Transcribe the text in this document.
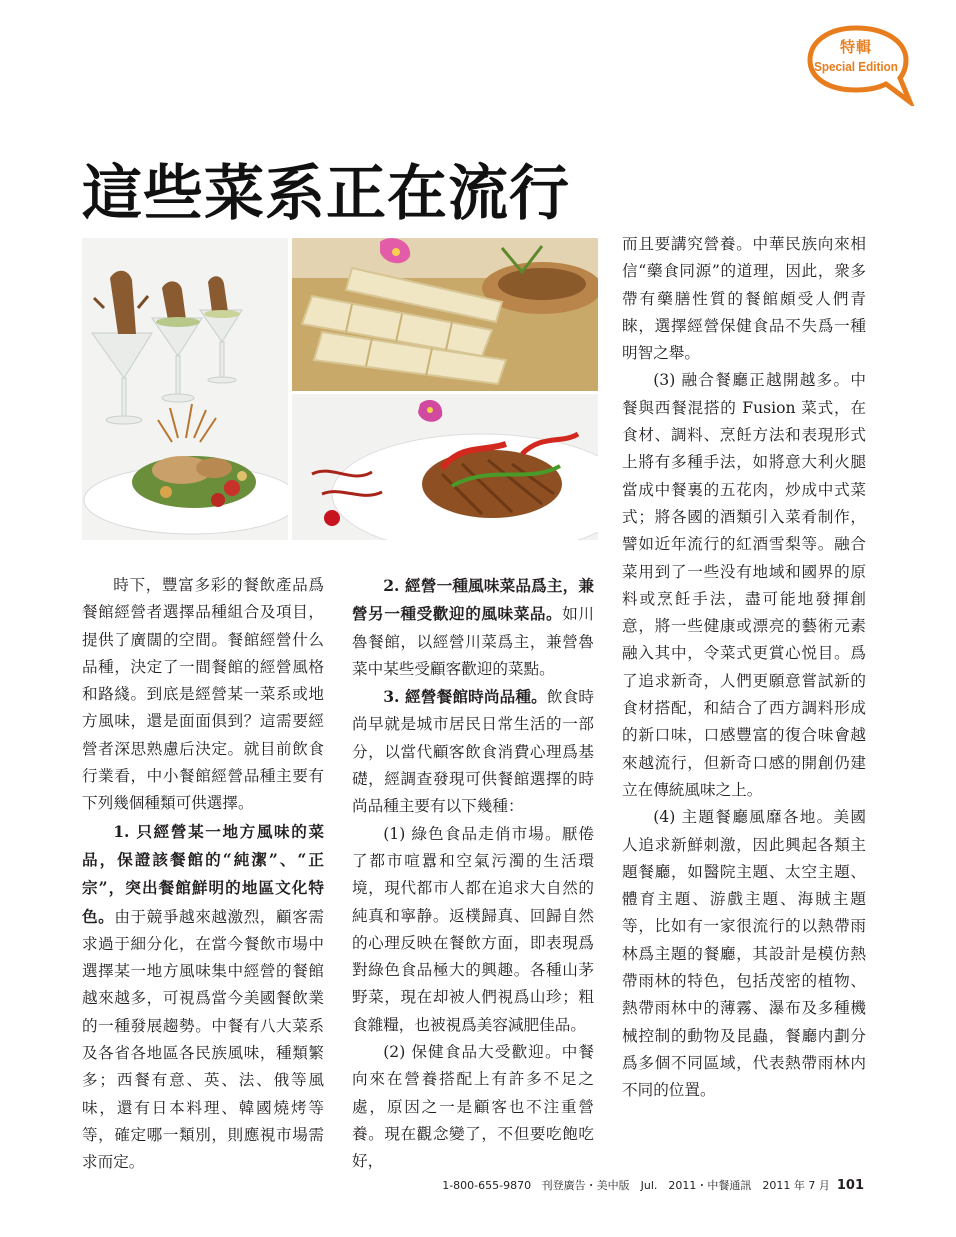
特輯
Special Edition
這些菜系正在流行

時下，豐富多彩的餐飲產品爲餐館經營者選擇品種組合及項目，提供了廣闊的空間。餐館經營什么品種，決定了一間餐館的經營風格和路綫。到底是經營某一菜系或地方風味，還是面面俱到？這需要經營者深思熟慮后決定。就目前飲食行業看，中小餐館經營品種主要有下列幾個種類可供選擇。

1. 只經營某一地方風味的菜品，保證該餐館的“純潔”、“正宗”，突出餐館鮮明的地區文化特色。由于競爭越來越激烈，顧客需求過于細分化，在當今餐飲市場中選擇某一地方風味集中經營的餐館越來越多，可視爲當今美國餐飲業的一種發展趨勢。中餐有八大菜系及各省各地區各民族風味，種類繁多；西餐有意、英、法、俄等風味，還有日本料理、韓國燒烤等等，確定哪一類別，則應視市場需求而定。

2. 經營一種風味菜品爲主，兼營另一種受歡迎的風味菜品。如川魯餐館，以經營川菜爲主，兼營魯菜中某些受顧客歡迎的菜點。

3. 經營餐館時尚品種。飲食時尚早就是城市居民日常生活的一部分，以當代顧客飲食消費心理爲基礎，經調查發現可供餐館選擇的時尚品種主要有以下幾種：

(1) 綠色食品走俏市場。厭倦了都市喧囂和空氣污濁的生活環境，現代都市人都在追求大自然的純真和寧静。返樸歸真、回歸自然的心理反映在餐飲方面，即表現爲對綠色食品極大的興趣。各種山茅野菜，現在却被人們視爲山珍；粗食雜糧，也被視爲美容減肥佳品。

(2) 保健食品大受歡迎。中餐向來在營養搭配上有許多不足之處，原因之一是顧客也不注重營養。現在觀念變了，不但要吃飽吃好，

而且要講究營養。中華民族向來相信“藥食同源”的道理，因此，衆多帶有藥膳性質的餐館頗受人們青睞，選擇經營保健食品不失爲一種明智之舉。

(3) 融合餐廳正越開越多。中餐與西餐混搭的 Fusion 菜式，在食材、調料、烹飪方法和表現形式上將有多種手法，如將意大利火腿當成中餐裏的五花肉，炒成中式菜式；將各國的酒類引入菜肴制作，譬如近年流行的紅酒雪梨等。融合菜用到了一些没有地域和國界的原料或烹飪手法，盡可能地發揮創意，將一些健康或漂亮的藝術元素融入其中，令菜式更賞心悦目。爲了追求新奇，人們更願意嘗試新的食材搭配，和結合了西方調料形成的新口味，口感豐富的復合味會越來越流行，但新奇口感的開創仍建立在傳統風味之上。

(4) 主題餐廳風靡各地。美國人追求新鮮刺激，因此興起各類主題餐廳，如醫院主題、太空主題、體育主題、游戲主題、海賊主題等，比如有一家很流行的以熱帶雨林爲主題的餐廳，其設計是模仿熱帶雨林的特色，包括茂密的植物、熱帶雨林中的薄霧、瀑布及多種機械控制的動物及昆蟲，餐廳内劃分爲多個不同區域，代表熱帶雨林内不同的位置。

1-800-655-9870 刊登廣告・美中版　Jul.　2011・中餐通訊　2011 年 7 月 101
